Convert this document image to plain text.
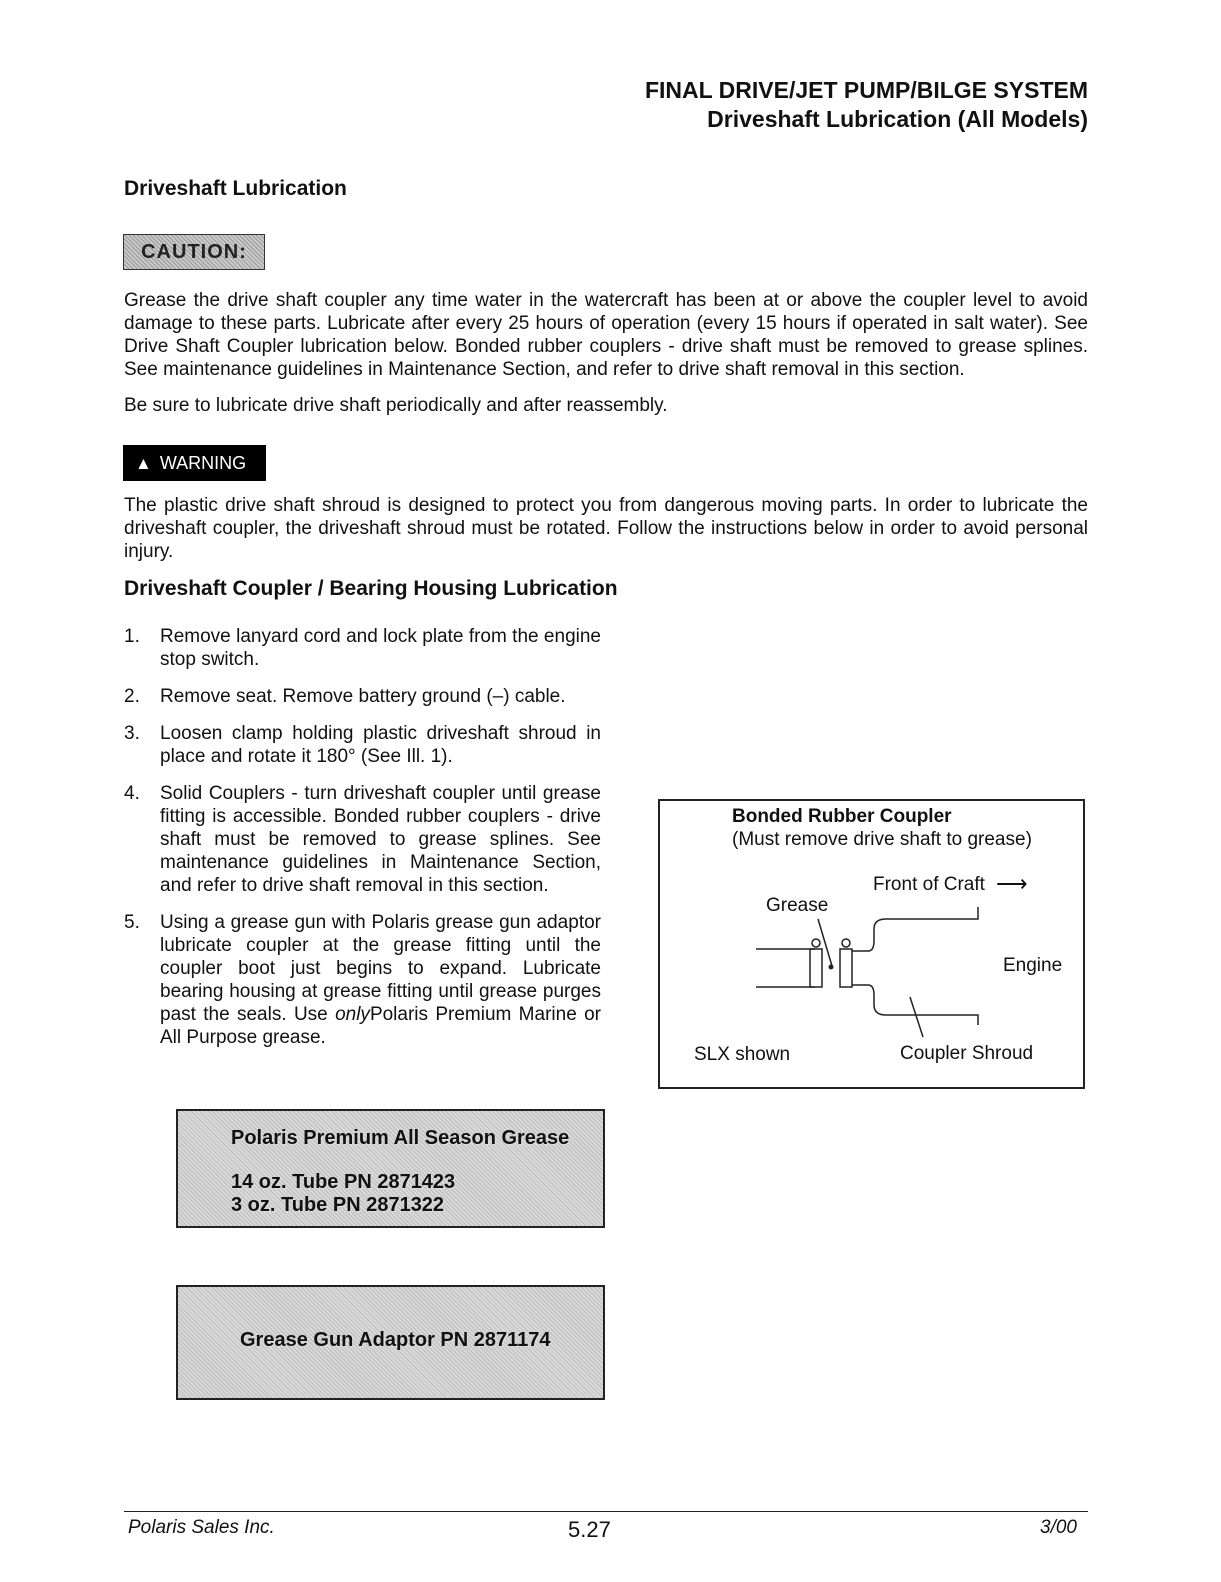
FINAL DRIVE/JET PUMP/BILGE SYSTEM
Driveshaft Lubrication (All Models)
Driveshaft Lubrication
CAUTION:
Grease the drive shaft coupler any time water in the watercraft has been at or above the coupler level to avoid damage to these parts. Lubricate after every 25 hours of operation (every 15 hours if operated in salt water). See Drive Shaft Coupler lubrication below. Bonded rubber couplers - drive shaft must be removed to grease splines. See maintenance guidelines in Maintenance Section, and refer to drive shaft removal in this section.
Be sure to lubricate drive shaft periodically and after reassembly.
▲ WARNING
The plastic drive shaft shroud is designed to protect you from dangerous moving parts. In order to lubricate the driveshaft coupler, the driveshaft shroud must be rotated. Follow the instructions below in order to avoid personal injury.
Driveshaft Coupler / Bearing Housing Lubrication
1.	Remove lanyard cord and lock plate from the engine stop switch.
2.	Remove seat. Remove battery ground (–) cable.
3.	Loosen clamp holding plastic driveshaft shroud in place and rotate it 180° (See Ill. 1).
4.	Solid Couplers - turn driveshaft coupler until grease fitting is accessible. Bonded rubber couplers - drive shaft must be removed to grease splines. See maintenance guidelines in Maintenance Section, and refer to drive shaft removal in this section.
5.	Using a grease gun with Polaris grease gun adaptor lubricate coupler at the grease fitting until the coupler boot just begins to expand. Lubricate bearing housing at grease fitting until grease purges past the seals. Use onlyPolaris Premium Marine or All Purpose grease.
Bonded Rubber Coupler
(Must remove drive shaft to grease)
Front of Craft ⟶
Grease
Engine
SLX shown	Coupler Shroud
Polaris Premium All Season Grease
14 oz. Tube PN 2871423
3 oz. Tube PN 2871322
Grease Gun Adaptor PN 2871174
Polaris Sales Inc.	5.27	3/00
